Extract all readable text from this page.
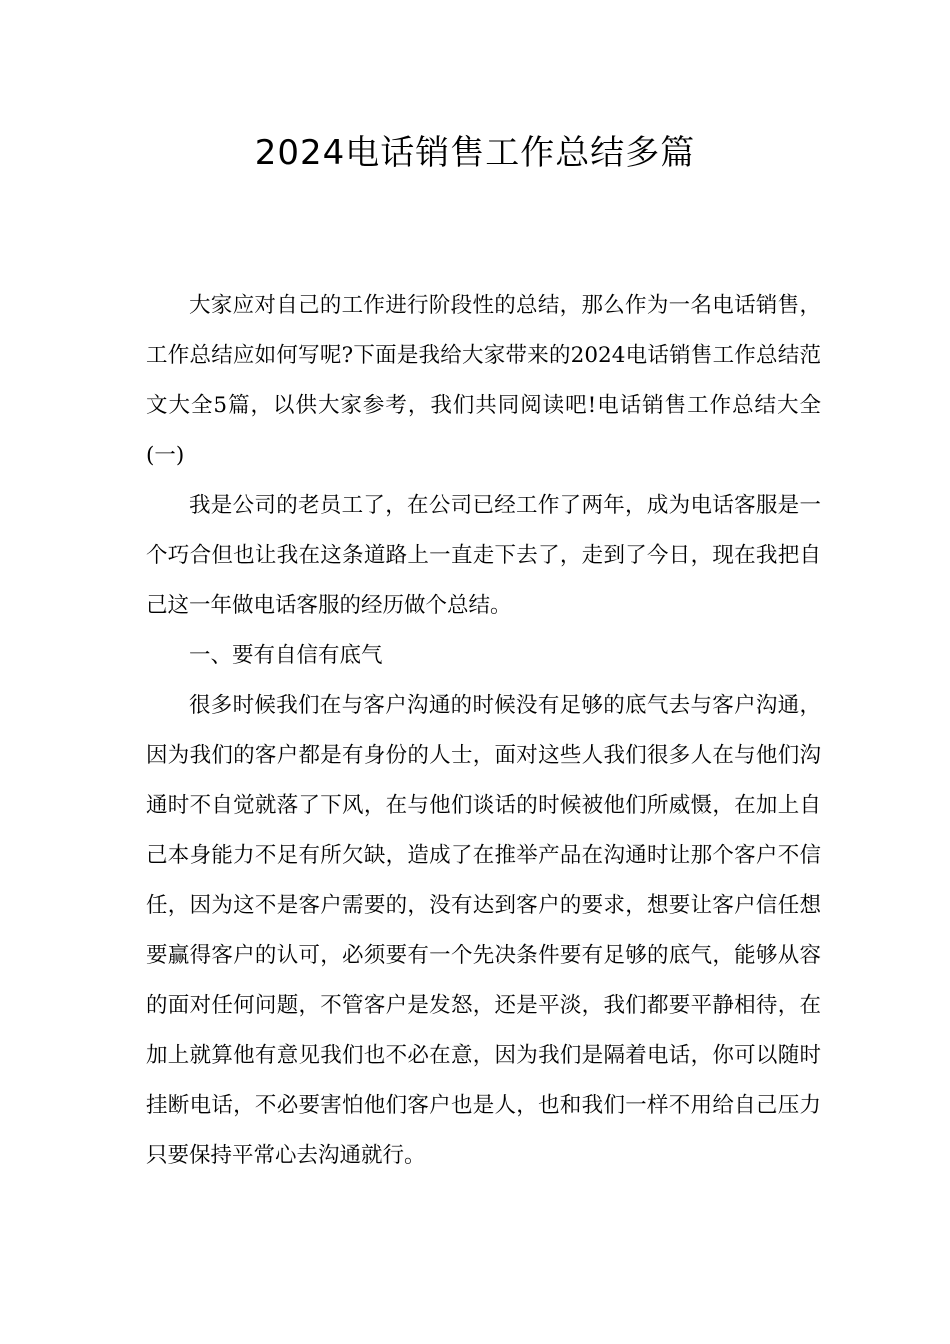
2024电话销售工作总结多篇

大家应对自己的工作进行阶段性的总结，那么作为一名电话销售，工作总结应如何写呢?下面是我给大家带来的2024电话销售工作总结范文大全5篇，以供大家参考，我们共同阅读吧!电话销售工作总结大全(一)

我是公司的老员工了，在公司已经工作了两年，成为电话客服是一个巧合但也让我在这条道路上一直走下去了，走到了今日，现在我把自己这一年做电话客服的经历做个总结。

一、要有自信有底气

很多时候我们在与客户沟通的时候没有足够的底气去与客户沟通，因为我们的客户都是有身份的人士，面对这些人我们很多人在与他们沟通时不自觉就落了下风，在与他们谈话的时候被他们所威慑，在加上自己本身能力不足有所欠缺，造成了在推举产品在沟通时让那个客户不信任，因为这不是客户需要的，没有达到客户的要求，想要让客户信任想要赢得客户的认可，必须要有一个先决条件要有足够的底气，能够从容的面对任何问题，不管客户是发怒，还是平淡，我们都要平静相待，在加上就算他有意见我们也不必在意，因为我们是隔着电话，你可以随时挂断电话，不必要害怕他们客户也是人，也和我们一样不用给自己压力只要保持平常心去沟通就行。
